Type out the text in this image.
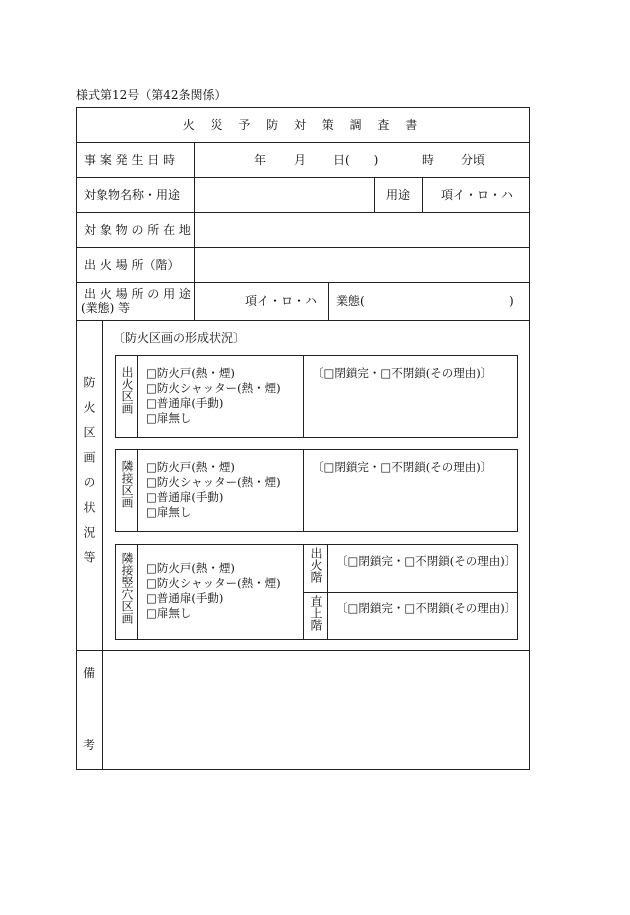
様式第12号（第42条関係）
火 災 予 防 対 策 調 査 書
事 案 発 生 日 時	年 月 日(　　)	時 分頃
対象物名称・用途	用途	項イ・ロ・ハ
対 象 物 の 所 在 地
出 火 場 所（階）
出 火 場 所 の 用 途
(業態) 等	項イ・ロ・ハ 業態(	)
防火区画の状況等
〔防火区画の形成状況〕
出火区画 □防火戸(熱・煙)
□防火シャッター(熱・煙)
□普通扉(手動)
□扉無し
〔□閉鎖完・□不閉鎖(その理由)〕
隣接区画 □防火戸(熱・煙)
□防火シャッター(熱・煙)
□普通扉(手動)
□扉無し
〔□閉鎖完・□不閉鎖(その理由)〕
隣接竪穴区画 □防火戸(熱・煙)
□防火シャッター(熱・煙)
□普通扉(手動)
□扉無し
出火階 〔□閉鎖完・□不閉鎖(その理由)〕
直上階 〔□閉鎖完・□不閉鎖(その理由)〕
備
考
